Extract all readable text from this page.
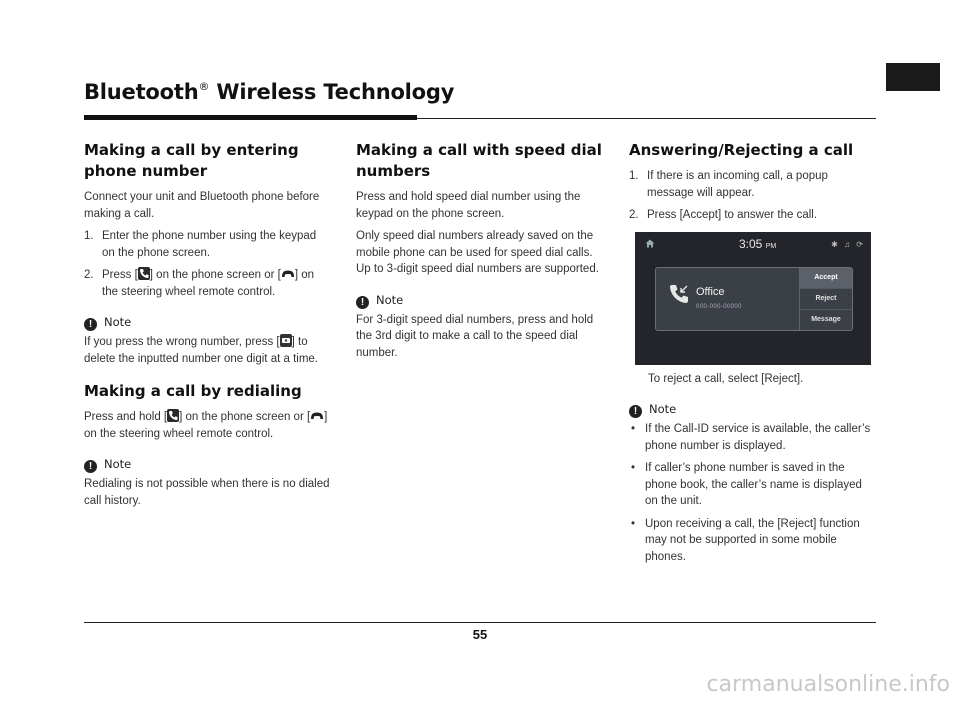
Bluetooth® Wireless Technology
Making a call by entering phone number

Connect your unit and Bluetooth phone before making a call.

1. Enter the phone number using the keypad on the phone screen.
2. Press [ ] on the phone screen or [ ] on the steering wheel remote control.
!	Note

If you press the wrong number, press [ ] to delete the inputted number one digit at a time.

Making a call by redialing

Press and hold [ ] on the phone screen or [ ] on the steering wheel remote control.

!	Note

Redialing is not possible when there is no dialed call history.

Making a call with speed dial numbers

Press and hold speed dial number using the keypad on the phone screen.

Only speed dial numbers already saved on the mobile phone can be used for speed dial calls. Up to 3-digit speed dial numbers are supported.

!	Note

For 3-digit speed dial numbers, press and hold the 3rd digit to make a call to the speed dial number.

Answering/Rejecting a call
1. If there is an incoming call, a popup message will appear.
2. Press [Accept] to answer the call.
3:05 PM	✱ ♫ ⟳
Office
000-000-00000
Accept
Reject
Message

To reject a call, select [Reject].

!	Note
• If the Call-ID service is available, the caller’s phone number is displayed.
• If caller’s phone number is saved in the phone book, the caller’s name is displayed on the unit.
• Upon receiving a call, the [Reject] function may not be supported in some mobile phones.
55
carmanualsonline.info
